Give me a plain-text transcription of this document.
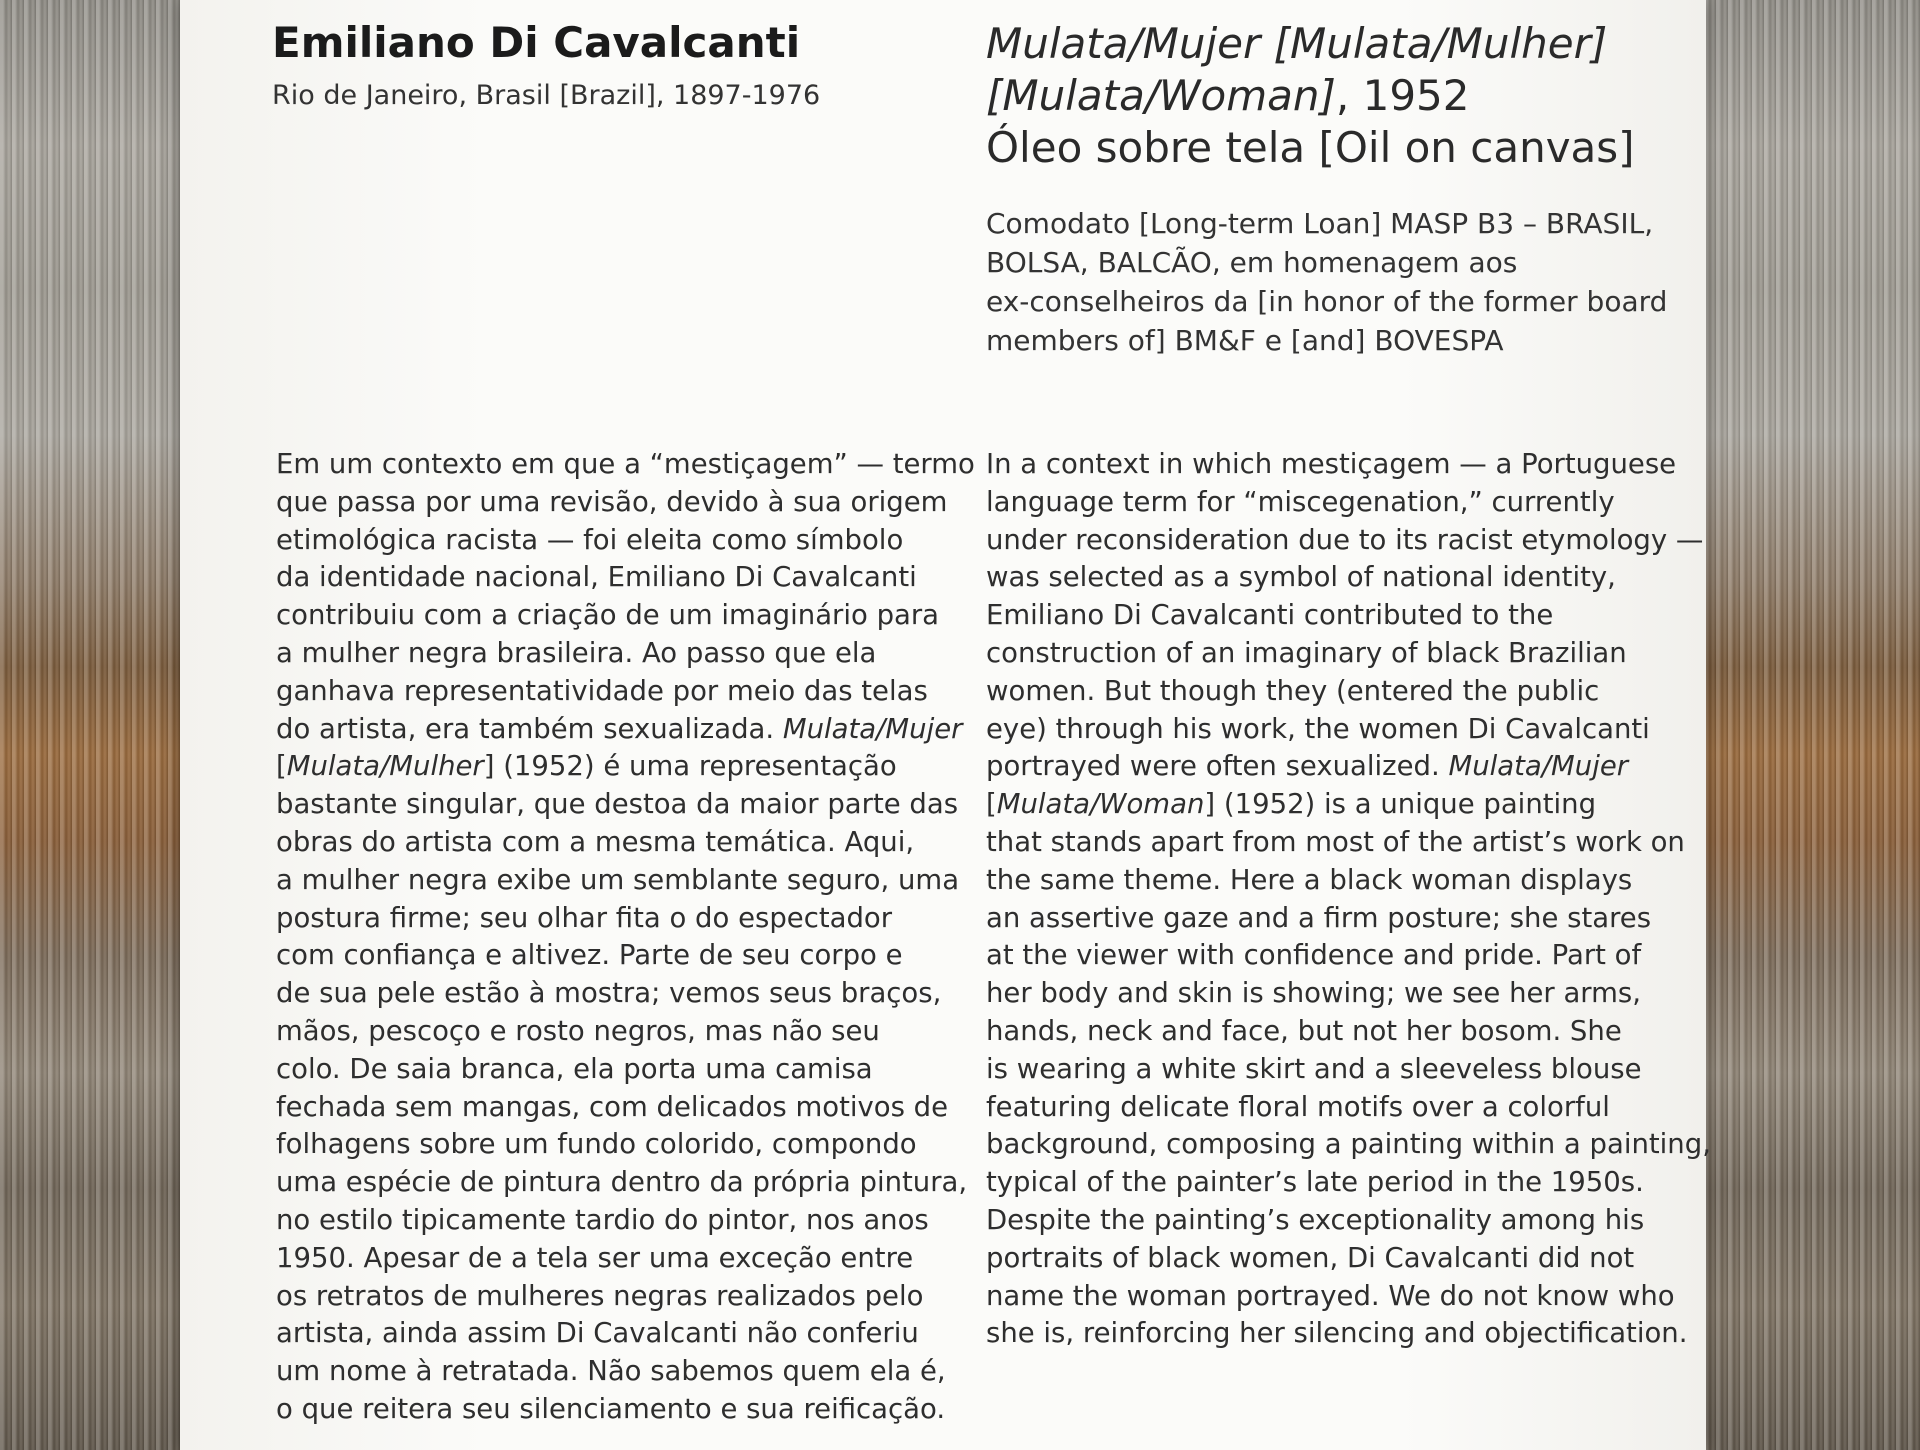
Emiliano Di Cavalcanti
Rio de Janeiro, Brasil [Brazil], 1897-1976
Mulata/Mujer [Mulata/Mulher]
[Mulata/Woman], 1952
Óleo sobre tela [Oil on canvas]
Comodato [Long-term Loan] MASP B3 – BRASIL,
BOLSA, BALCÃO, em homenagem aos
ex-conselheiros da [in honor of the former board
members of] BM&F e [and] BOVESPA
Em um contexto em que a “mestiçagem” — termo
que passa por uma revisão, devido à sua origem
etimológica racista — foi eleita como símbolo
da identidade nacional, Emiliano Di Cavalcanti
contribuiu com a criação de um imaginário para
a mulher negra brasileira. Ao passo que ela
ganhava representatividade por meio das telas
do artista, era também sexualizada. Mulata/Mujer
[Mulata/Mulher] (1952) é uma representação
bastante singular, que destoa da maior parte das
obras do artista com a mesma temática. Aqui,
a mulher negra exibe um semblante seguro, uma
postura firme; seu olhar fita o do espectador
com confiança e altivez. Parte de seu corpo e
de sua pele estão à mostra; vemos seus braços,
mãos, pescoço e rosto negros, mas não seu
colo. De saia branca, ela porta uma camisa
fechada sem mangas, com delicados motivos de
folhagens sobre um fundo colorido, compondo
uma espécie de pintura dentro da própria pintura,
no estilo tipicamente tardio do pintor, nos anos
1950. Apesar de a tela ser uma exceção entre
os retratos de mulheres negras realizados pelo
artista, ainda assim Di Cavalcanti não conferiu
um nome à retratada. Não sabemos quem ela é,
o que reitera seu silenciamento e sua reificação.
In a context in which mestiçagem — a Portuguese
language term for “miscegenation,” currently
under reconsideration due to its racist etymology —
was selected as a symbol of national identity,
Emiliano Di Cavalcanti contributed to the
construction of an imaginary of black Brazilian
women. But though they (entered the public
eye) through his work, the women Di Cavalcanti
portrayed were often sexualized. Mulata/Mujer
[Mulata/Woman] (1952) is a unique painting
that stands apart from most of the artist’s work on
the same theme. Here a black woman displays
an assertive gaze and a firm posture; she stares
at the viewer with confidence and pride. Part of
her body and skin is showing; we see her arms,
hands, neck and face, but not her bosom. She
is wearing a white skirt and a sleeveless blouse
featuring delicate floral motifs over a colorful
background, composing a painting within a painting,
typical of the painter’s late period in the 1950s.
Despite the painting’s exceptionality among his
portraits of black women, Di Cavalcanti did not
name the woman portrayed. We do not know who
she is, reinforcing her silencing and objectification.
